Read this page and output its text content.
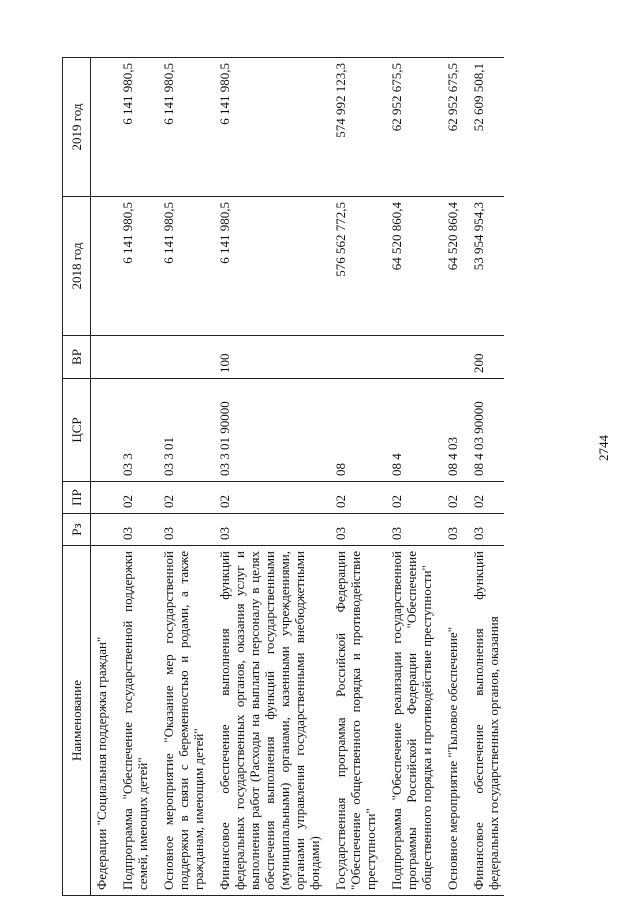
2744
Наименование	Рз	ПР	ЦСР	ВР	2018 год	2019 год
Федерации "Социальная поддержка граждан"						
Подпрограмма "Обеспечение государственной поддержки семей, имеющих детей"	03	02	03 3		6 141 980,5	6 141 980,5
Основное мероприятие "Оказание мер государственной поддержки в связи с беременностью и родами, а также гражданам, имеющим детей"	03	02	03 3 01		6 141 980,5	6 141 980,5
Финансовое обеспечение выполнения функций федеральных государственных органов, оказания услуг и выполнения работ (Расходы на выплаты персоналу в целях обеспечения выполнения функций государственными (муниципальными) органами, казенными учреждениями, органами управления государственными внебюджетными фондами)	03	02	03 3 01 90000	100	6 141 980,5	6 141 980,5
Государственная программа Российской Федерации "Обеспечение общественного порядка и противодействие преступности"	03	02	08		576 562 772,5	574 992 123,3
Подпрограмма "Обеспечение реализации государственной программы Российской Федерации "Обеспечение общественного порядка и противодействие преступности"	03	02	08 4		64 520 860,4	62 952 675,5
Основное мероприятие "Тыловое обеспечение"	03	02	08 4 03		64 520 860,4	62 952 675,5
Финансовое обеспечение выполнения функций федеральных государственных органов, оказания	03	02	08 4 03 90000	200	53 954 954,3	52 609 508,1
